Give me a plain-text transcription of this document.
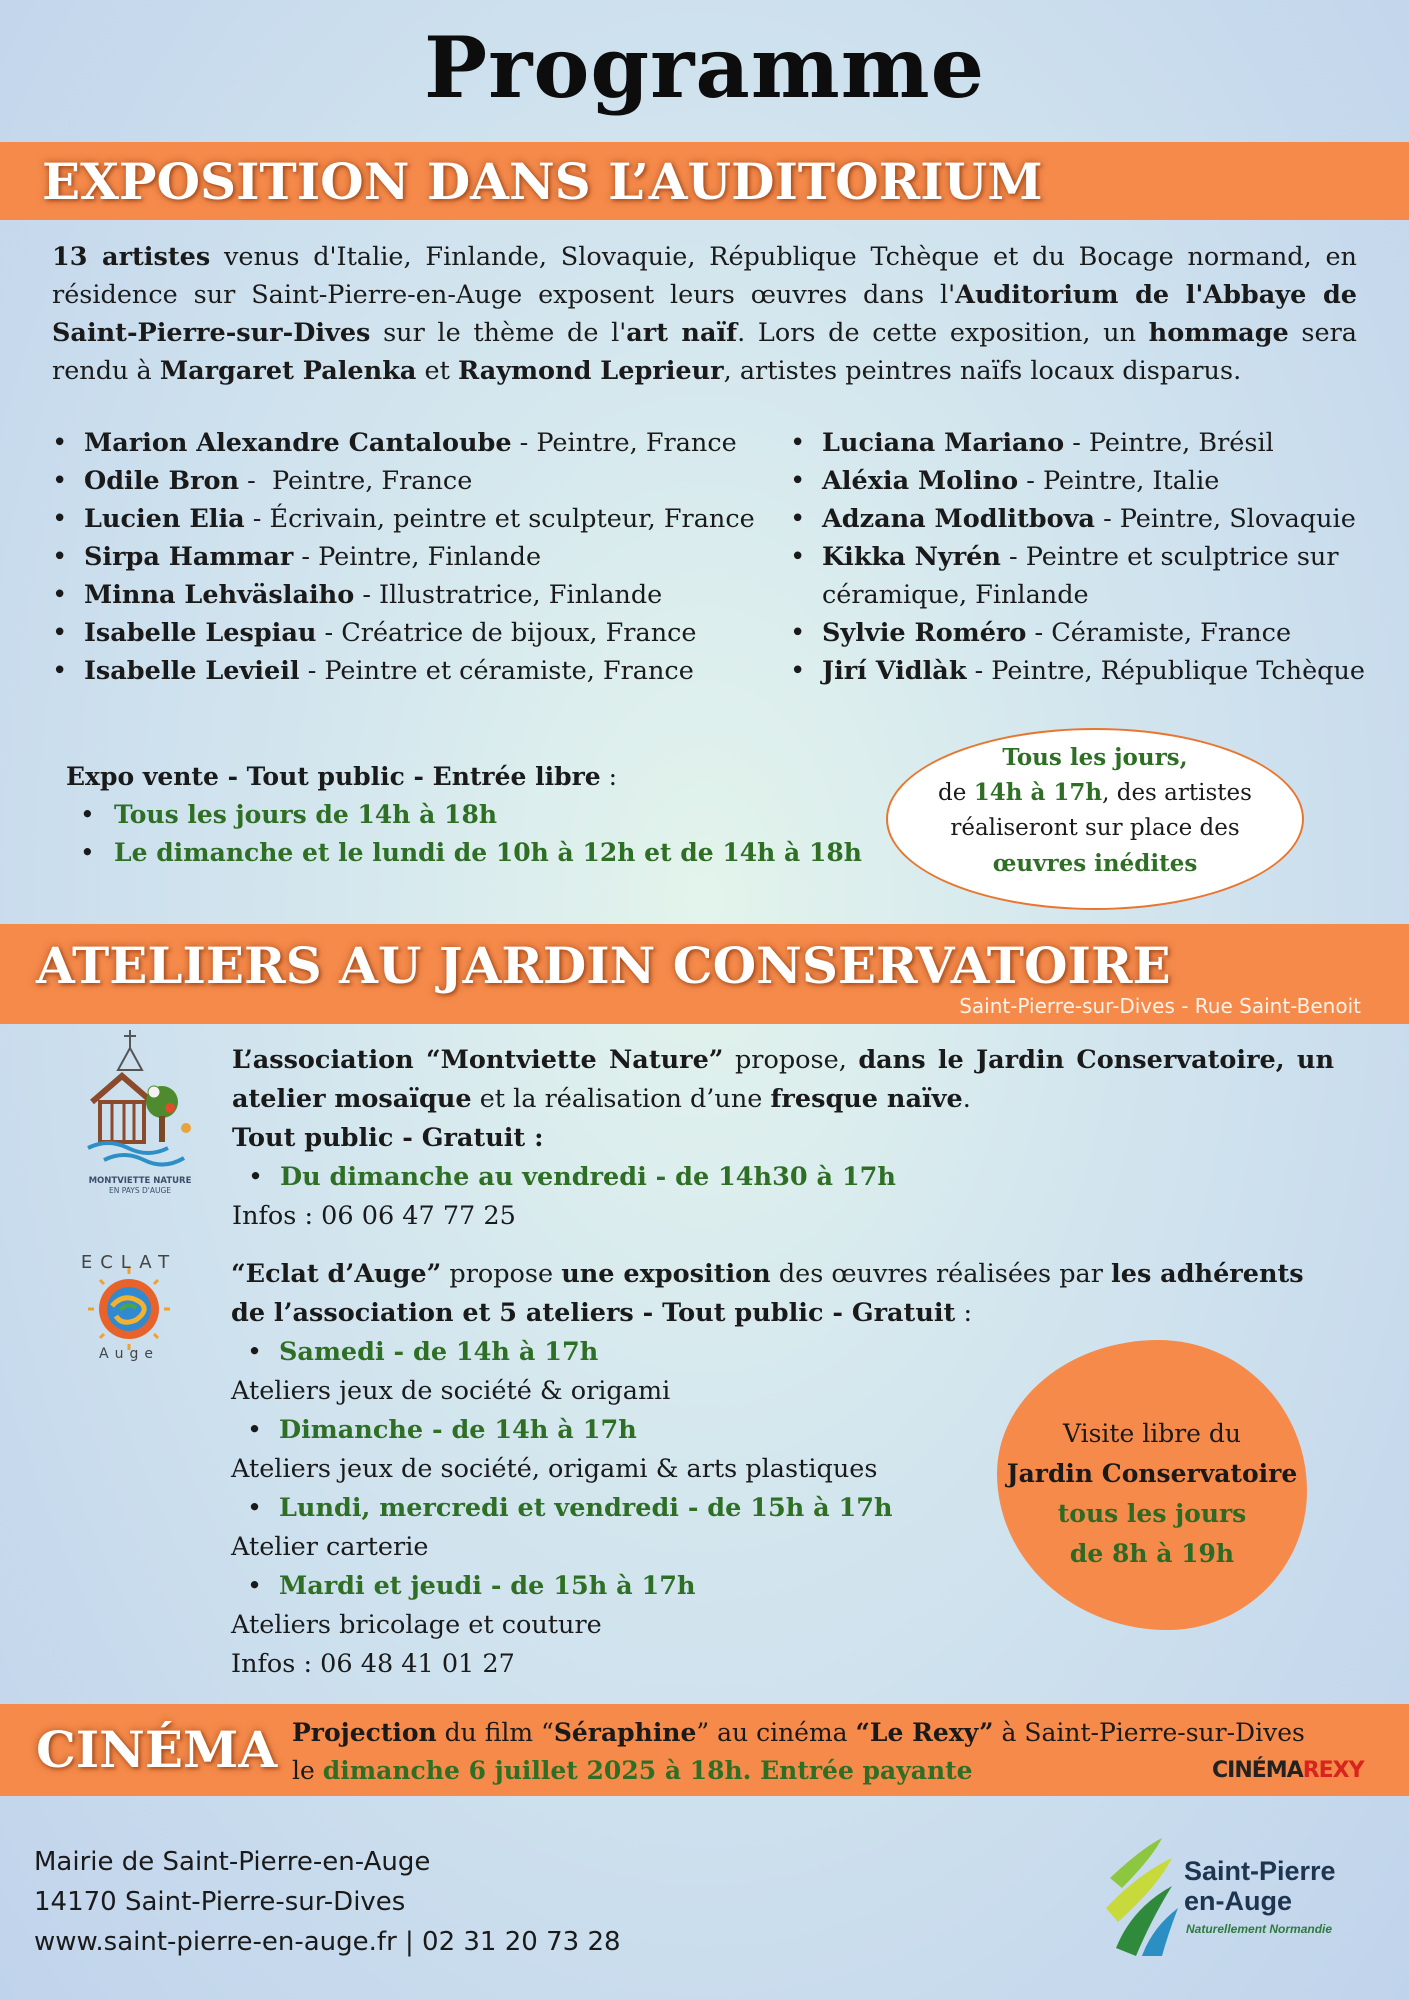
Programme
EXPOSITION DANS L’AUDITORIUM
13 artistes venus d'Italie, Finlande, Slovaquie, République Tchèque et du Bocage normand, en résidence sur Saint-Pierre-en-Auge exposent leurs œuvres dans l'Auditorium de l'Abbaye de Saint-Pierre-sur-Dives sur le thème de l'art naïf. Lors de cette exposition, un hommage sera rendu à Margaret Palenka et Raymond Leprieur, artistes peintres naïfs locaux disparus.
• Marion Alexandre Cantaloube - Peintre, France
• Odile Bron -  Peintre, France
• Lucien Elia - Écrivain, peintre et sculpteur, France
• Sirpa Hammar - Peintre, Finlande
• Minna Lehväslaiho - Illustratrice, Finlande
• Isabelle Lespiau - Créatrice de bijoux, France
• Isabelle Levieil - Peintre et céramiste, France
• Luciana Mariano - Peintre, Brésil
• Aléxia Molino - Peintre, Italie
• Adzana Modlitbova - Peintre, Slovaquie
• Kikka Nyrén - Peintre et sculptrice sur céramique, Finlande
• Sylvie Roméro - Céramiste, France
• Jirí Vidlàk - Peintre, République Tchèque
Expo vente - Tout public - Entrée libre :
• Tous les jours de 14h à 18h
• Le dimanche et le lundi de 10h à 12h et de 14h à 18h
Tous les jours,
de 14h à 17h, des artistes
réaliseront sur place des
œuvres inédites
ATELIERS AU JARDIN CONSERVATOIRE
Saint-Pierre-sur-Dives - Rue Saint-Benoit
MONTVIETTE NATURE
EN PAYS D'AUGE
L’association “Montviette Nature” propose, dans le Jardin Conservatoire, un atelier mosaïque et la réalisation d’une fresque naïve.
Tout public - Gratuit :
• Du dimanche au vendredi - de 14h30 à 17h
Infos : 06 06 47 77 25
ECLAT
Auge
“Eclat d’Auge” propose une exposition des œuvres réalisées par les adhérents de l’association et 5 ateliers - Tout public - Gratuit :
• Samedi - de 14h à 17h
Ateliers jeux de société & origami
• Dimanche - de 14h à 17h
Ateliers jeux de société, origami & arts plastiques
• Lundi, mercredi et vendredi - de 15h à 17h
Atelier carterie
• Mardi et jeudi - de 15h à 17h
Ateliers bricolage et couture
Infos : 06 48 41 01 27
Visite libre du
Jardin Conservatoire
tous les jours
de 8h à 19h
CINÉMA Projection du film “Séraphine” au cinéma “Le Rexy” à Saint-Pierre-sur-Dives
le dimanche 6 juillet 2025 à 18h. Entrée payante	CINÉMAREXY
Mairie de Saint-Pierre-en-Auge
14170 Saint-Pierre-sur-Dives
www.saint-pierre-en-auge.fr | 02 31 20 73 28
Saint-Pierre
en-Auge
Naturellement Normandie
